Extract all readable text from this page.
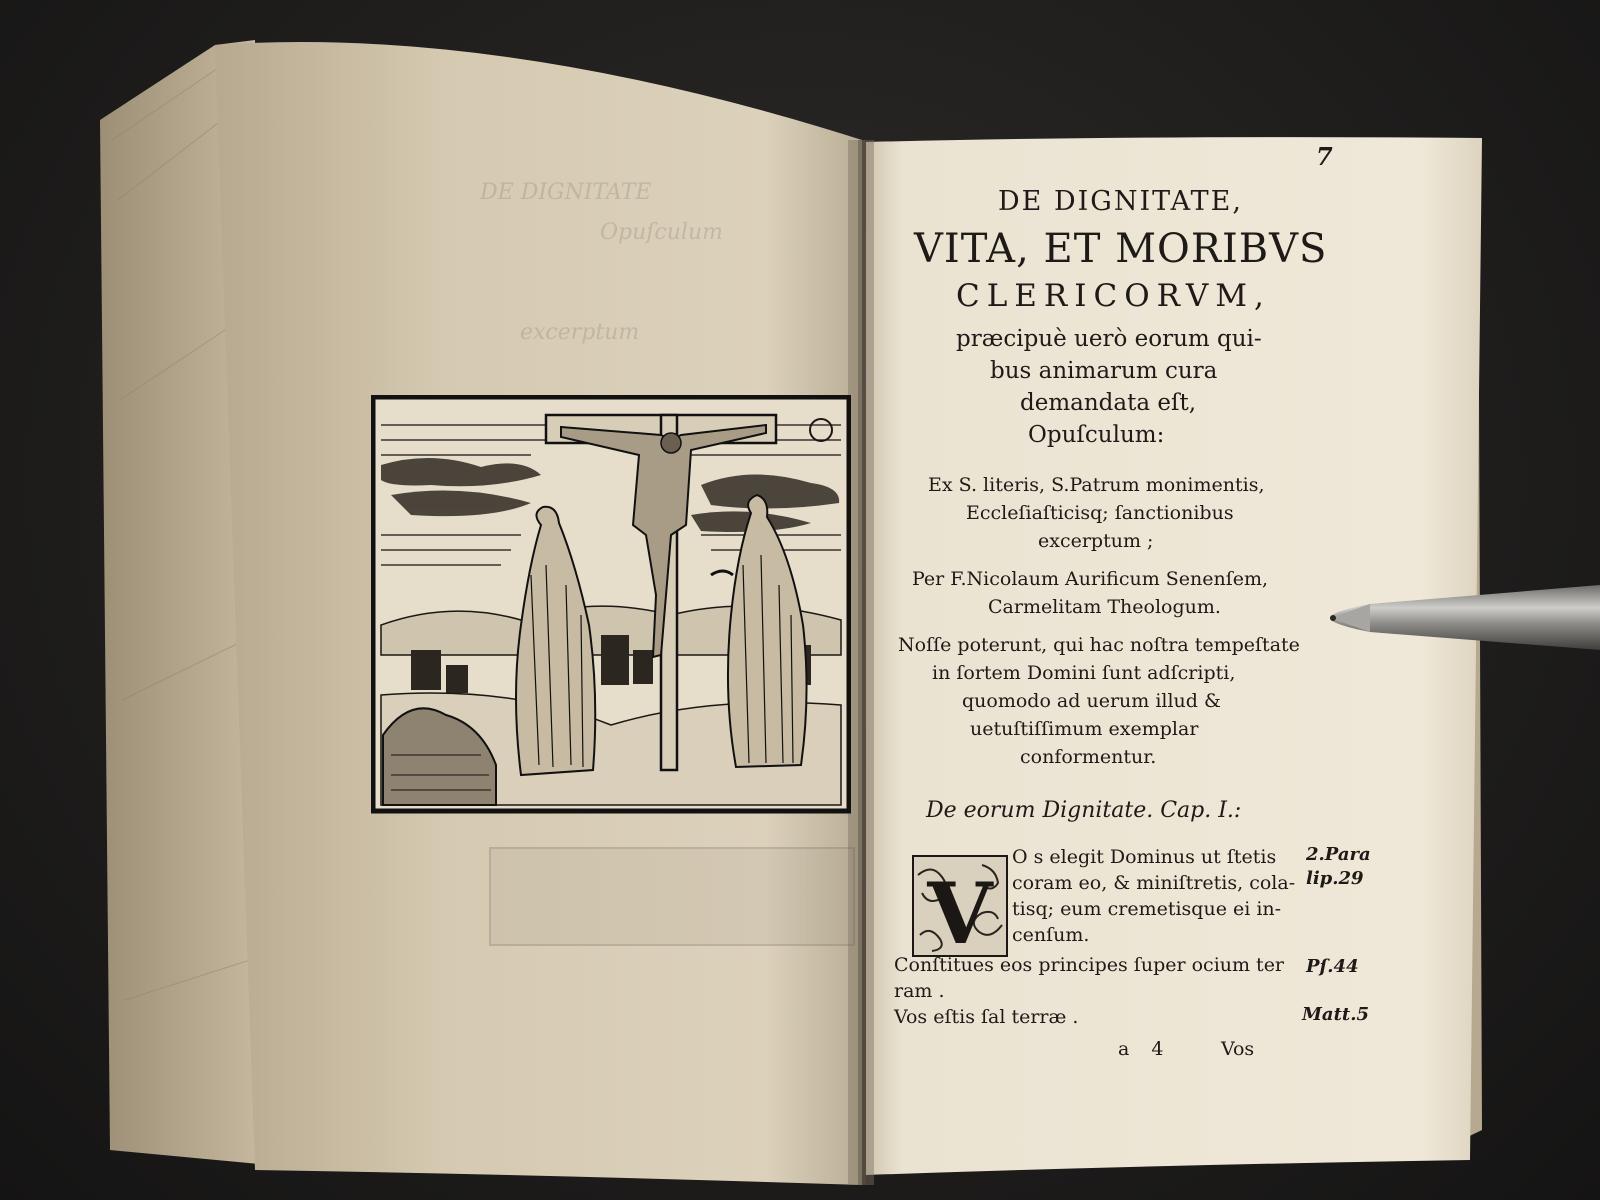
DE DIGNITATE
Opuſculum
excerptum
7
DE DIGNITATE,
VITA, ET MORIBVS
CLERICORVM,
præcipuè uerò eorum qui-
bus animarum cura
demandata eſt,
Opuſculum:
Ex S. literis, S.Patrum monimentis,
Eccleſiaſticisq; ſanctionibus
excerptum ;
Per F.Nicolaum Aurificum Senenſem,
Carmelitam Theologum.
Noſſe poterunt, qui hac noſtra tempeſtate
in ſortem Domini ſunt adſcripti,
quomodo ad uerum illud &
uetuſtiſſimum exemplar
conformentur.
De eorum Dignitate. Cap. I.:
V
O s elegit Dominus ut ſtetis
coram eo, & miniſtretis, cola-
tisq; eum cremetisque ei in-
cenſum.
Conſtitues eos principes ſuper ocium ter
ram .
Vos eſtis ſal terræ .
2.Para
lip.29
Pſ.44
Matt.5
a 4	Vos
